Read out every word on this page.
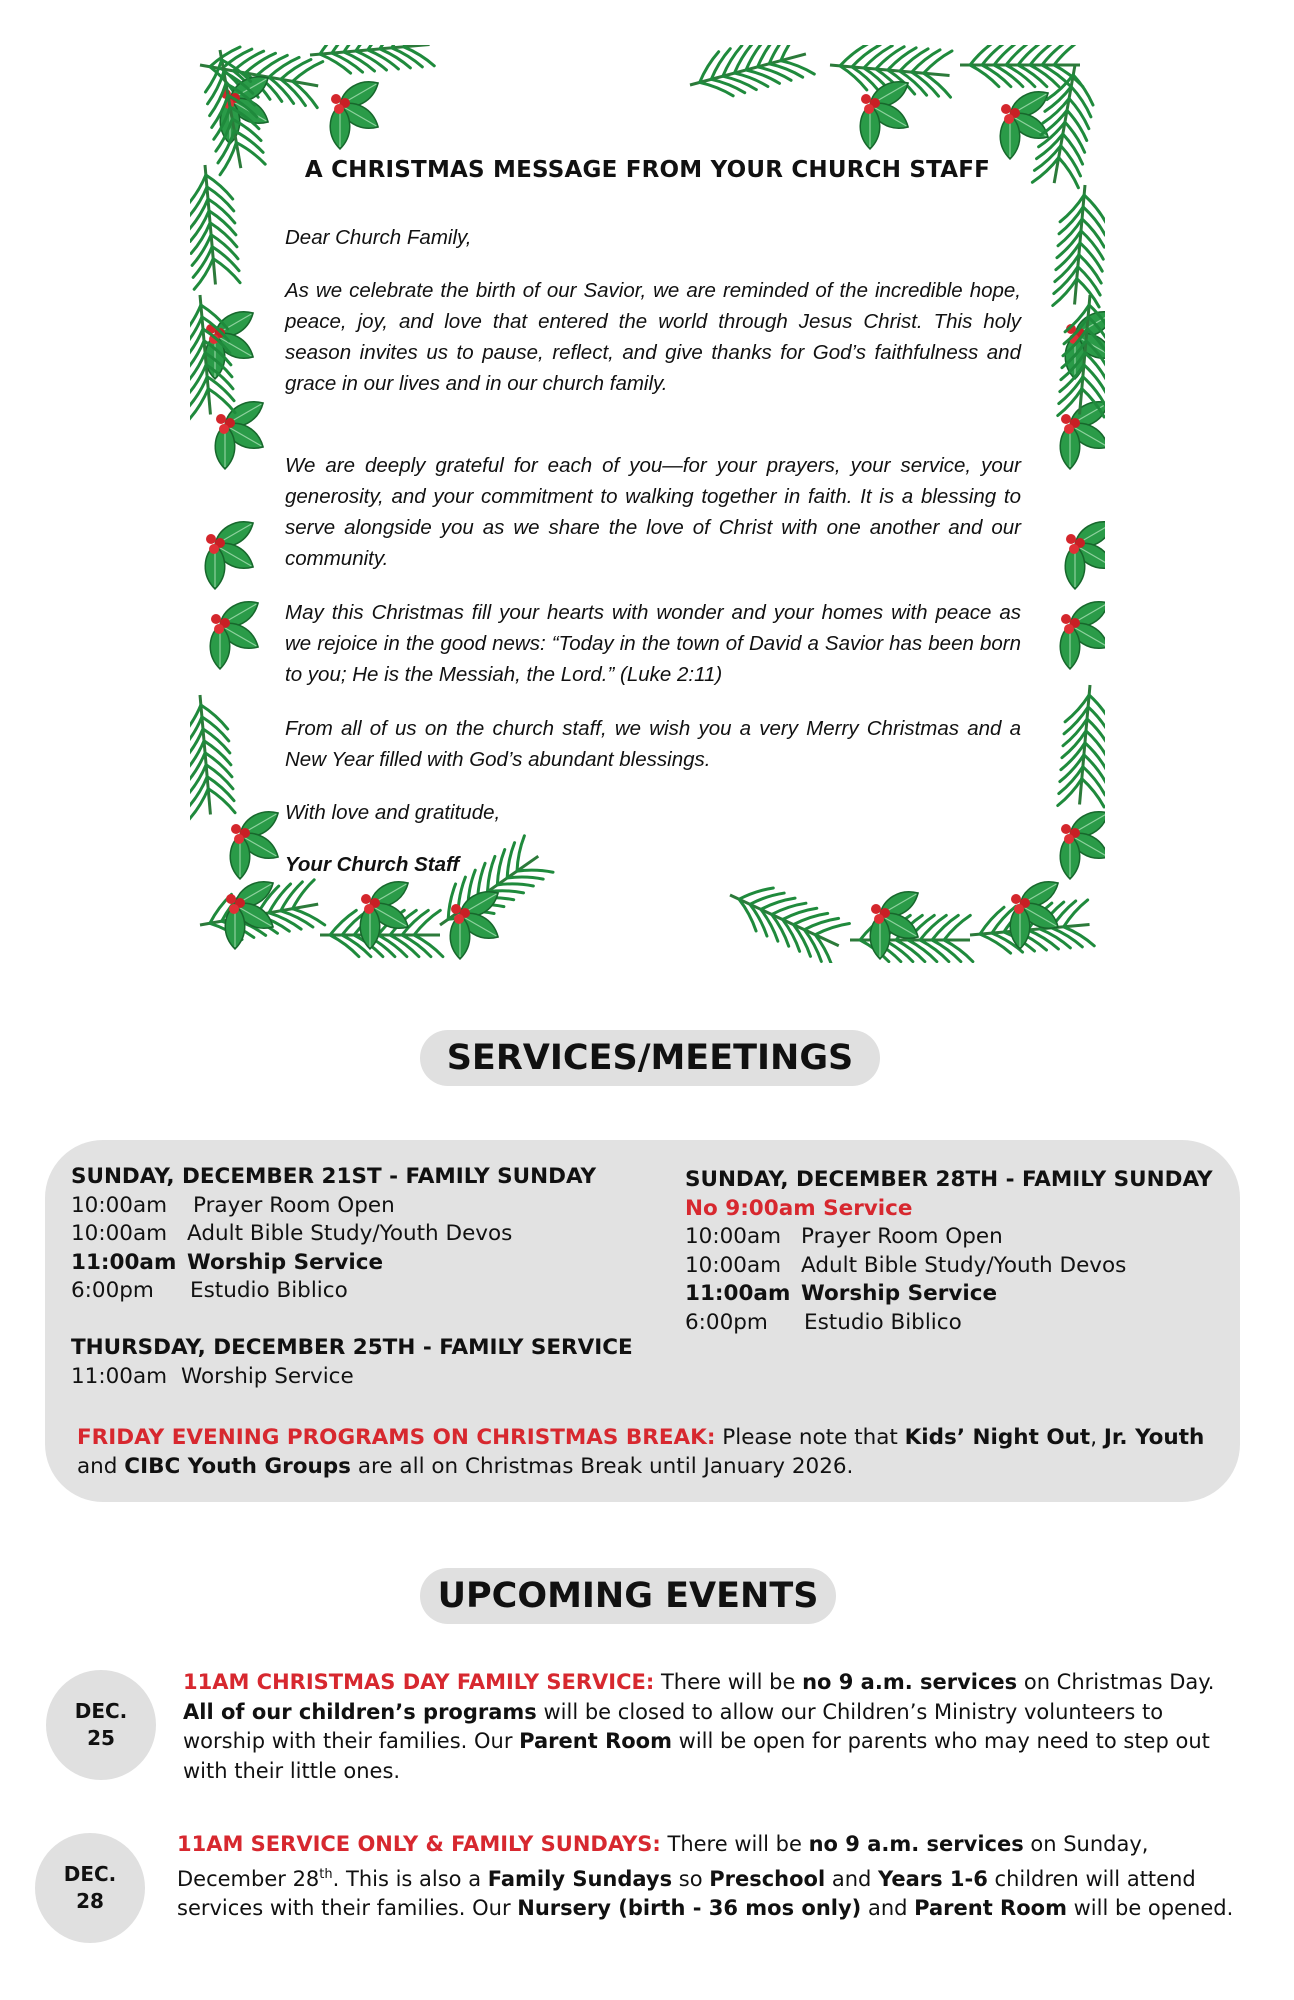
A CHRISTMAS MESSAGE FROM YOUR CHURCH STAFF
Dear Church Family,
As we celebrate the birth of our Savior, we are reminded of the incredible hope, peace, joy, and love that entered the world through Jesus Christ. This holy season invites us to pause, reflect, and give thanks for God’s faithfulness and grace in our lives and in our church family.
We are deeply grateful for each of you—for your prayers, your service, your generosity, and your commitment to walking together in faith. It is a blessing to serve alongside you as we share the love of Christ with one another and our community.
May this Christmas fill your hearts with wonder and your homes with peace as we rejoice in the good news: “Today in the town of David a Savior has been born to you; He is the Messiah, the Lord.” (Luke 2:11)
From all of us on the church staff, we wish you a very Merry Christmas and a New Year filled with God’s abundant blessings.
With love and gratitude,
Your Church Staff
SERVICES/MEETINGS
SUNDAY, DECEMBER 21ST - FAMILY SUNDAY
10:00am Prayer Room Open
10:00am Adult Bible Study/Youth Devos
11:00am Worship Service
6:00pm Estudio Biblico
THURSDAY, DECEMBER 25TH - FAMILY SERVICE
11:00am Worship Service
SUNDAY, DECEMBER 28TH - FAMILY SUNDAY
No 9:00am Service
10:00am Prayer Room Open
10:00am Adult Bible Study/Youth Devos
11:00am Worship Service
6:00pm Estudio Biblico
FRIDAY EVENING PROGRAMS ON CHRISTMAS BREAK: Please note that Kids’ Night Out, Jr. Youth and CIBC Youth Groups are all on Christmas Break until January 2026.
UPCOMING EVENTS
DEC.
25
11AM CHRISTMAS DAY FAMILY SERVICE: There will be no 9 a.m. services on Christmas Day. All of our children’s programs will be closed to allow our Children’s Ministry volunteers to worship with their families. Our Parent Room will be open for parents who may need to step out with their little ones.
DEC.
28
11AM SERVICE ONLY & FAMILY SUNDAYS: There will be no 9 a.m. services on Sunday, December 28th. This is also a Family Sundays so Preschool and Years 1-6 children will attend services with their families. Our Nursery (birth - 36 mos only) and Parent Room will be opened.
